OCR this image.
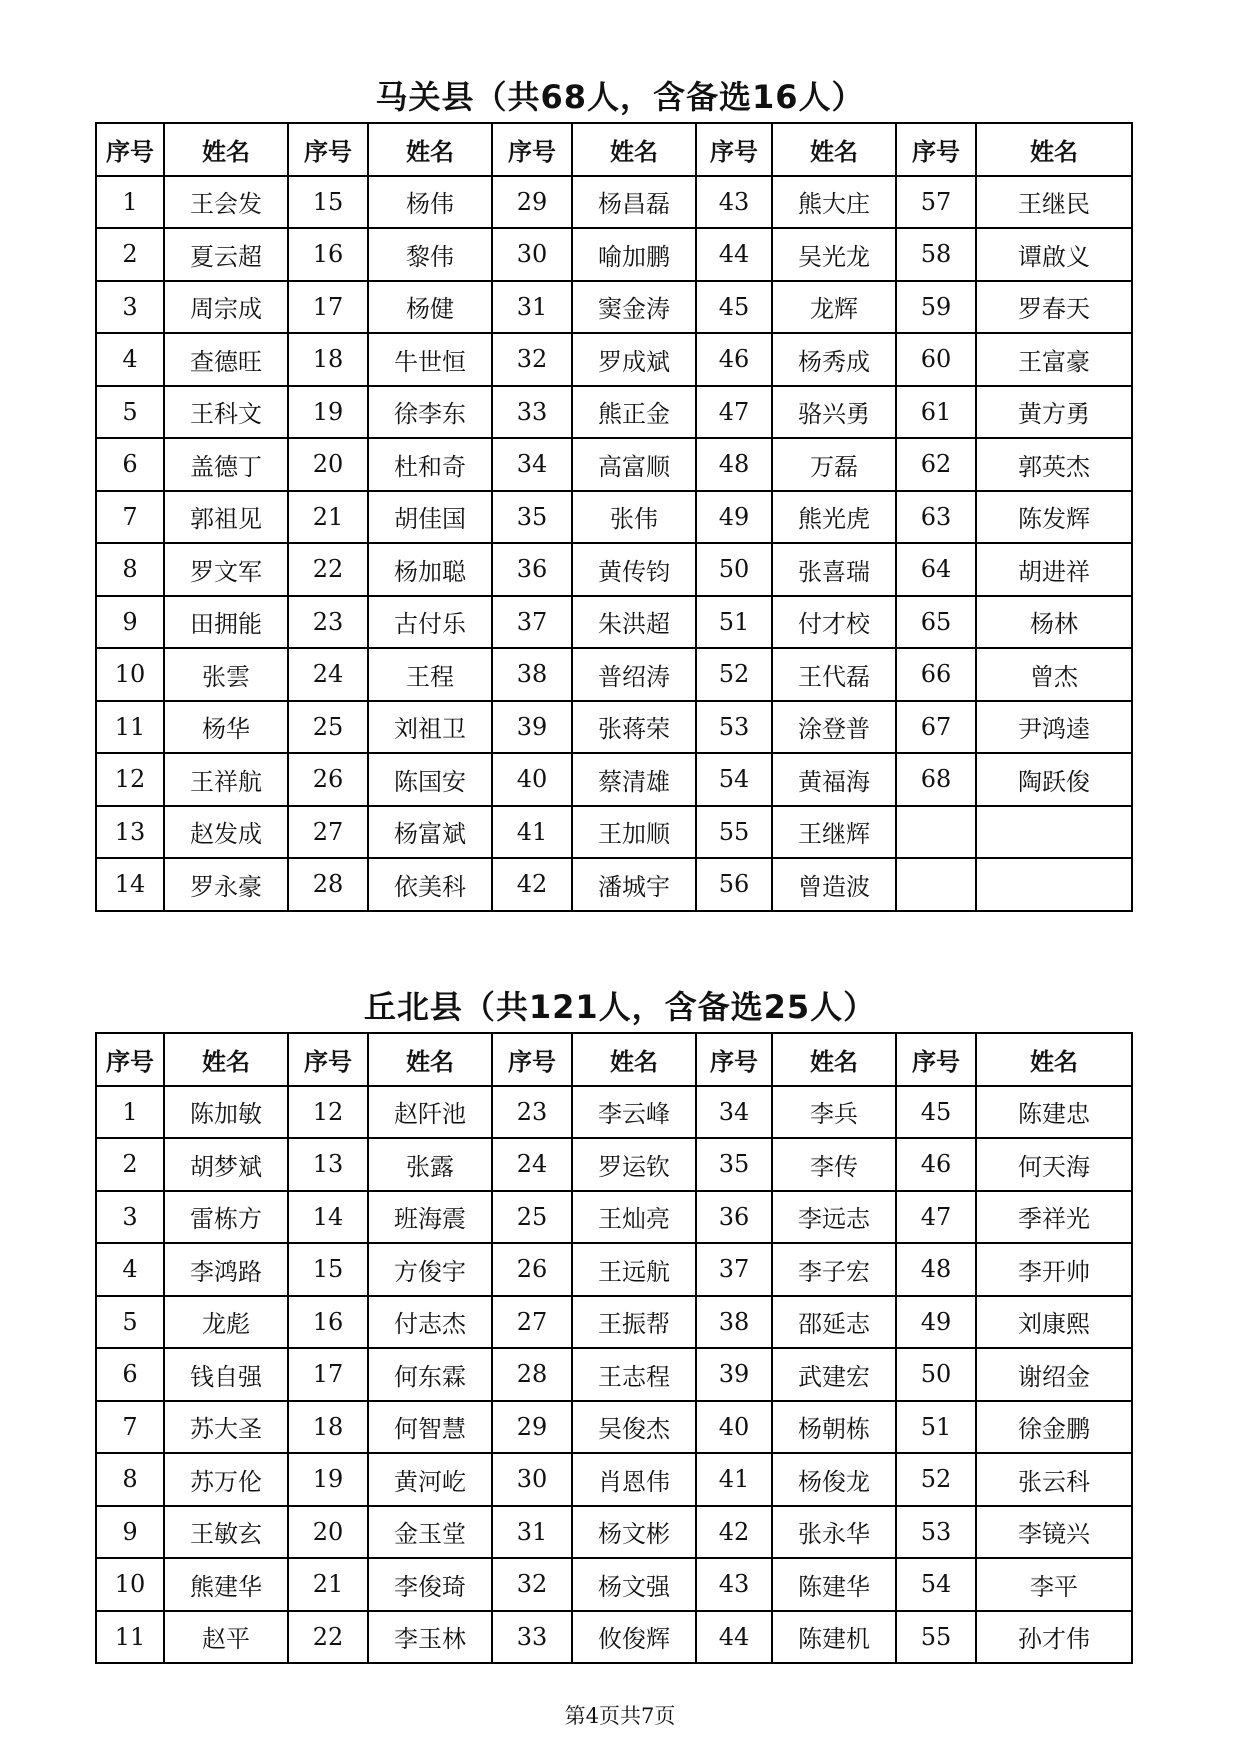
马关县（共68人，含备选16人）
序号	姓名	序号	姓名	序号	姓名	序号	姓名	序号	姓名
1	王会发	15	杨伟	29	杨昌磊	43	熊大庄	57	王继民
2	夏云超	16	黎伟	30	喻加鹏	44	吴光龙	58	谭啟义
3	周宗成	17	杨健	31	窦金涛	45	龙辉	59	罗春天
4	查德旺	18	牛世恒	32	罗成斌	46	杨秀成	60	王富豪
5	王科文	19	徐李东	33	熊正金	47	骆兴勇	61	黄方勇
6	盖德丁	20	杜和奇	34	高富顺	48	万磊	62	郭英杰
7	郭祖见	21	胡佳国	35	张伟	49	熊光虎	63	陈发辉
8	罗文军	22	杨加聪	36	黄传钧	50	张喜瑞	64	胡进祥
9	田拥能	23	古付乐	37	朱洪超	51	付才校	65	杨林
10	张雲	24	王程	38	普绍涛	52	王代磊	66	曾杰
11	杨华	25	刘祖卫	39	张蒋荣	53	涂登普	67	尹鸿逵
12	王祥航	26	陈国安	40	蔡清雄	54	黄福海	68	陶跃俊
13	赵发成	27	杨富斌	41	王加顺	55	王继辉		
14	罗永豪	28	依美科	42	潘城宇	56	曾造波		
丘北县（共121人，含备选25人）
序号	姓名	序号	姓名	序号	姓名	序号	姓名	序号	姓名
1	陈加敏	12	赵阡池	23	李云峰	34	李兵	45	陈建忠
2	胡梦斌	13	张露	24	罗运钦	35	李传	46	何天海
3	雷栋方	14	班海震	25	王灿亮	36	李远志	47	季祥光
4	李鸿路	15	方俊宇	26	王远航	37	李子宏	48	李开帅
5	龙彪	16	付志杰	27	王振帮	38	邵延志	49	刘康熙
6	钱自强	17	何东霖	28	王志程	39	武建宏	50	谢绍金
7	苏大圣	18	何智慧	29	吴俊杰	40	杨朝栋	51	徐金鹏
8	苏万伦	19	黄河屹	30	肖恩伟	41	杨俊龙	52	张云科
9	王敏玄	20	金玉堂	31	杨文彬	42	张永华	53	李镜兴
10	熊建华	21	李俊琦	32	杨文强	43	陈建华	54	李平
11	赵平	22	李玉林	33	攸俊辉	44	陈建机	55	孙才伟
第4页共7页
